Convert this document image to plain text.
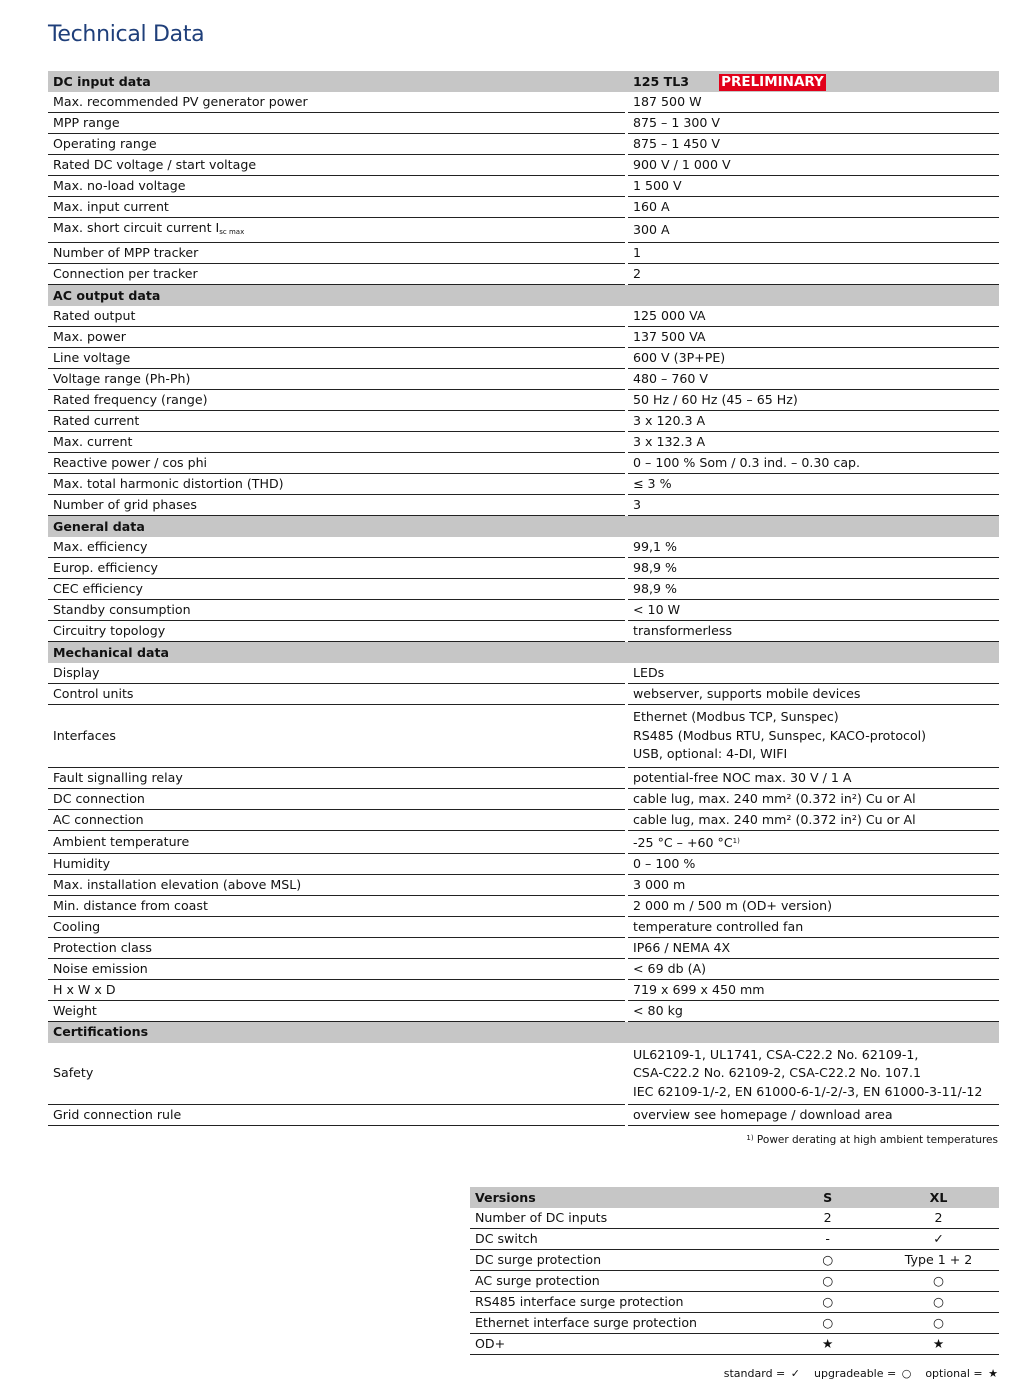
Technical Data
DC input data		125 TL3 PRELIMINARY
Max. recommended PV generator power		187 500 W
MPP range		875 – 1 300 V
Operating range		875 – 1 450 V
Rated DC voltage / start voltage		900 V / 1 000 V
Max. no-load voltage		1 500 V
Max. input current		160 A
Max. short circuit current $I_{sc max}$		300 A
Number of MPP tracker		1
Connection per tracker		2
AC output data		
Rated output		125 000 VA
Max. power		137 500 VA
Line voltage		600 V (3P+PE)
Voltage range (Ph-Ph)		480 – 760 V
Rated frequency (range)		50 Hz / 60 Hz (45 – 65 Hz)
Rated current		3 x 120.3 A
Max. current		3 x 132.3 A
Reactive power / cos phi		0 – 100 % Som / 0.3 ind. – 0.30 cap.
Max. total harmonic distortion (THD)		≤ 3 %
Number of grid phases		3
General data		
Max. efficiency		99,1 %
Europ. efficiency		98,9 %
CEC efficiency		98,9 %
Standby consumption		< 10 W
Circuitry topology		transformerless
Mechanical data		
Display		LEDs
Control units		webserver, supports mobile devices
Interfaces		Ethernet (Modbus TCP, Sunspec)
RS485 (Modbus RTU, Sunspec, KACO-protocol)
USB, optional: 4-DI, WIFI

Fault signalling relay		potential-free NOC max. 30 V / 1 A
DC connection		cable lug, max. 240 mm² (0.372 in²) Cu or Al
AC connection		cable lug, max. 240 mm² (0.372 in²) Cu or Al
Ambient temperature		-25 °C – +60 $^\circ C^{1)}$
Humidity		0 – 100 %
Max. installation elevation (above MSL)		3 000 m
Min. distance from coast		2 000 m / 500 m (OD+ version)
Cooling		temperature controlled fan
Protection class		IP66 / NEMA 4X
Noise emission		< 69 db (A)
H x W x D		719 x 699 x 450 mm
Weight		< 80 kg
Certifications		
Safety		UL62109-1, UL1741, CSA-C22.2 No. 62109-1,
CSA-C22.2 No. 62109-2, CSA-C22.2 No. 107.1
IEC 62109-1/-2, EN 61000-6-1/-2/-3, EN 61000-3-11/-12

Grid connection rule		overview see homepage / download area
$^{1)}$ Power derating at high ambient temperatures
Versions	S	XL
Number of DC inputs	2	2
DC switch	-	✓
DC surge protection	○	Type 1 + 2
AC surge protection	○	○
RS485 interface surge protection	○	○
Ethernet interface surge protection	○	○
OD+	★	★
standard = ✓ upgradeable = ○ optional = ★
